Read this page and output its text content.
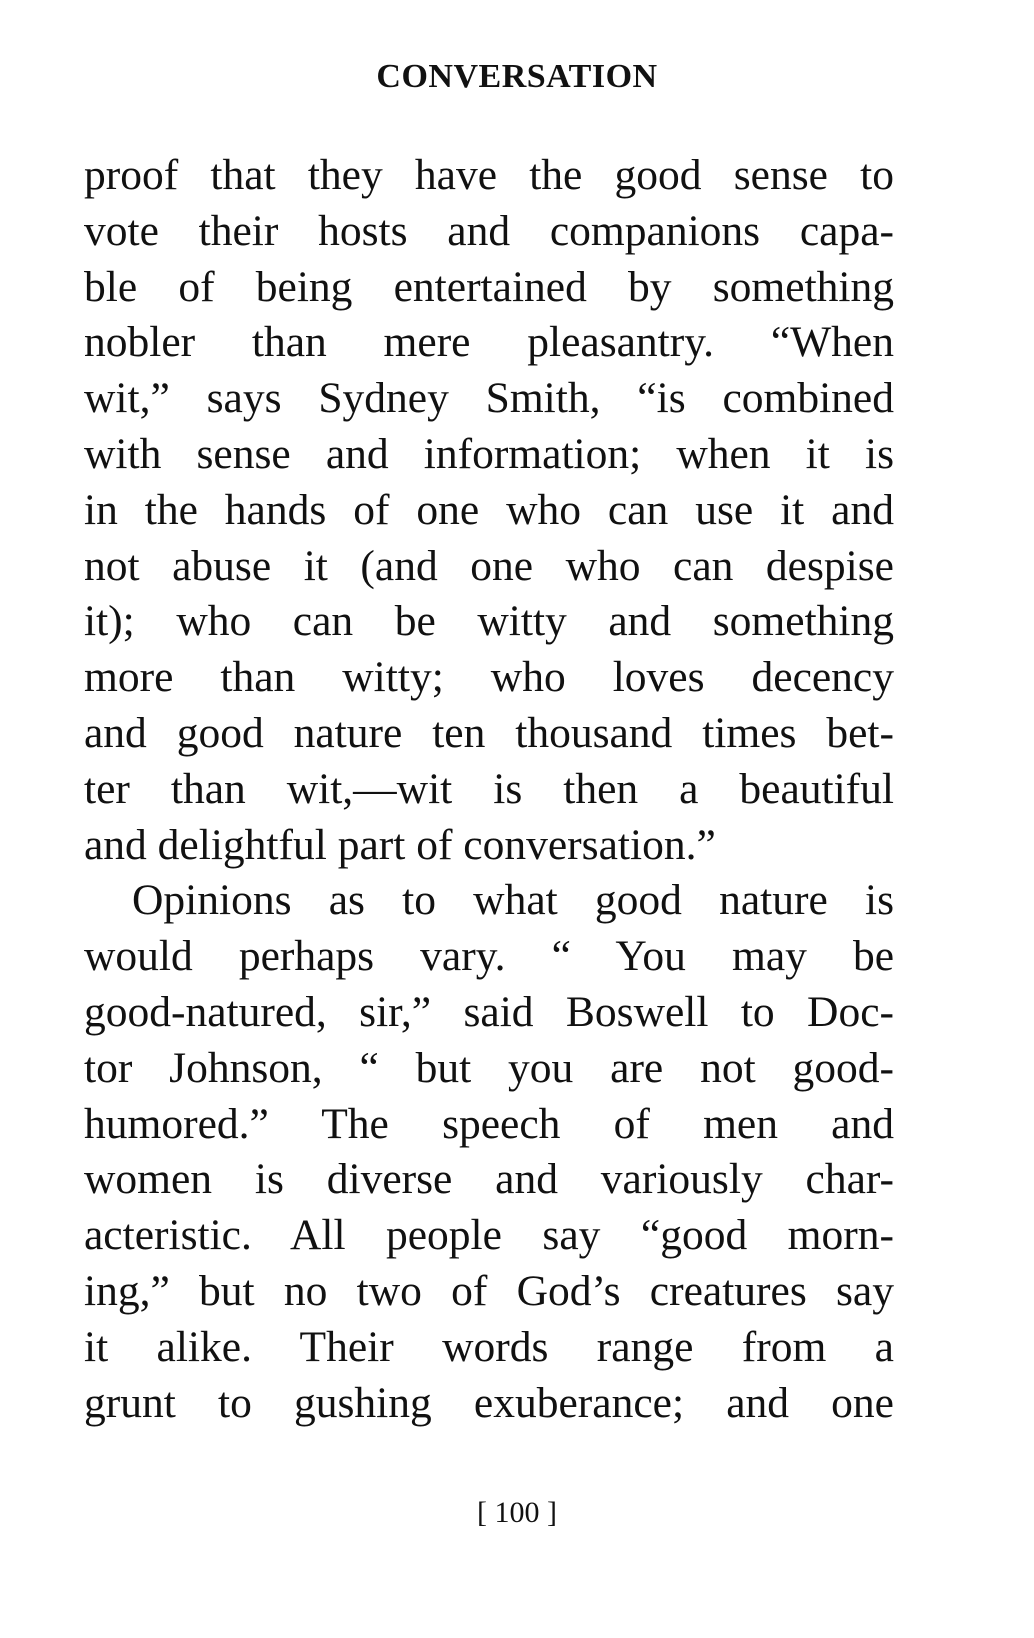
CONVERSATION
proof that they have the good sense to
vote their hosts and companions capa-
ble of being entertained by something
nobler than mere pleasantry. “When
wit,” says Sydney Smith, “is combined
with sense and information; when it is
in the hands of one who can use it and
not abuse it (and one who can despise
it); who can be witty and something
more than witty; who loves decency
and good nature ten thousand times bet-
ter than wit,—wit is then a beautiful
and delightful part of conversation.”
Opinions as to what good nature is
would perhaps vary. “ You may be
good-natured, sir,” said Boswell to Doc-
tor Johnson, “ but you are not good-
humored.” The speech of men and
women is diverse and variously char-
acteristic. All people say “good morn-
ing,” but no two of God’s creatures say
it alike. Their words range from a
grunt to gushing exuberance; and one
[ 100 ]
